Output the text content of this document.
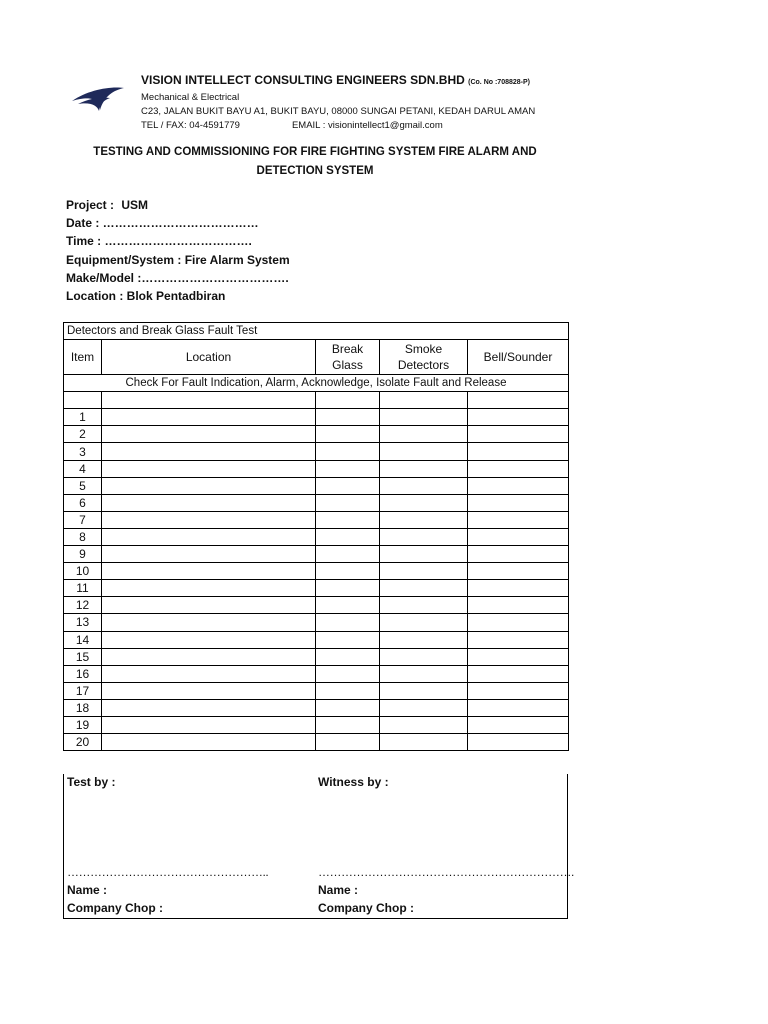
VISION INTELLECT CONSULTING ENGINEERS SDN.BHD (Co. No :708828-P)
Mechanical & Electrical
C23, JALAN BUKIT BAYU A1, BUKIT BAYU, 08000 SUNGAI PETANI, KEDAH DARUL AMAN
TEL / FAX: 04-4591779	EMAIL : visionintellect1@gmail.com
TESTING AND COMMISSIONING FOR FIRE FIGHTING SYSTEM FIRE ALARM AND
DETECTION SYSTEM
Project : USM
Date : …………………………………
Time : ……………………………….
Equipment/System : Fire Alarm System
Make/Model :……………………………….
Location : Blok Pentadbiran
Detectors and Break Glass Fault Test				
Item	Location	Break Glass	Smoke Detectors	Bell/Sounder
Check For Fault Indication, Alarm, Acknowledge, Isolate Fault and Release				

1				
2				
3				
4				
5				
6				
7				
8				
9				
10				
11				
12				
13				
14				
15				
16				
17				
18				
19				
20				
Test by :
……………………………………………..
Name :
Company Chop :
Witness by :
………………………………………………………….
Name :
Company Chop :
